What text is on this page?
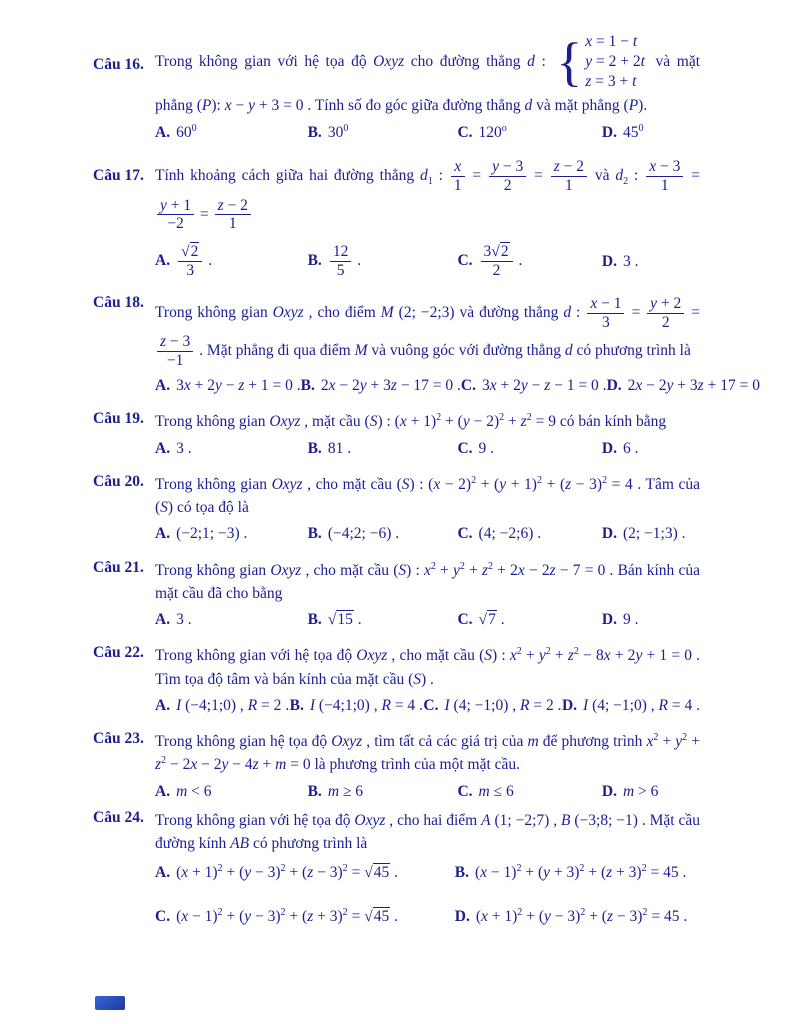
Câu 16. Trong không gian với hệ tọa độ Oxyz cho đường thẳng d : { x = 1 − t
y = 2 + 2t
z = 3 + t
và mặt phẳng (P): x − y + 3 = 0 . Tính số đo góc giữa đường thẳng d và mặt phẳng (P).

A. $60^0$	B. $30^0$	C. 120$^o$	D. $45^0$
Câu 17. Tính khoảng cách giữa hai đường thẳng $d_1$ : $\frac{x}{1} = \frac{y - 3}{2} = \frac{z - 2}{1}$ và $d_2$ : $\frac{x - 3}{1}$ =
$\frac{y + 1}{-2} = \frac{z - 2}{1}$

A. $\frac{√2}{3}$ .	B. $\frac{12}{5}$ .	C. $\frac{3√2}{2}$ .	D. 3 .
Câu 18.

Trong không gian Oxyz , cho điểm M (2; −2;3) và đường thẳng d : $\frac{x - 1}{3} = \frac{y + 2}{2}$ =
$\frac{z - 3}{-1}$ . Mặt phẳng đi qua điểm M và vuông góc với đường thẳng d có phương trình là

A. 3x + 2y − z + 1 = 0 . B. 2x − 2y + 3z − 17 = 0 . C. 3x + 2y − z − 1 = 0 . D. 2x − 2y + 3z + 17 = 0
Câu 19. Trong không gian Oxyz , mặt cầu (S) : $(x + 1)^2 + (y - 2)^2 + z^2 = 9$ có bán kính bằng

A. 3 .	B. 81 .	C. 9 .	D. 6 .
Câu 20. Trong không gian Oxyz , cho mặt cầu (S) : $(x - 2)^2 + (y + 1)^2 + (z - 3)^2 = 4$ . Tâm của (S) có tọa độ là

A. (−2;1; −3) .	B. (−4;2; −6) .	C. (4; −2;6) .	D. (2; −1;3) .
Câu 21. Trong không gian Oxyz , cho mặt cầu (S) : $x^2 + y^2 + z^2 + 2x - 2z - 7 = 0$ . Bán kính của mặt cầu đã cho bằng

A. 3 .	B. √15 .	C. √7 .	D. 9 .
Câu 22. Trong không gian với hệ tọa độ Oxyz , cho mặt cầu (S) : $x^2 + y^2 + z^2 - 8x + 2y + 1 = 0$ . Tìm tọa độ tâm và bán kính của mặt cầu (S) .

A. I (−4;1;0) , R = 2 . B. I (−4;1;0) , R = 4 . C. I (4; −1;0) , R = 2 . D. I (4; −1;0) , R = 4 .
Câu 23. Trong không gian hệ tọa độ Oxyz , tìm tất cả các giá trị của m để phương trình $x^2 + y^2 + z^2 - 2x - 2y - 4z + m = 0$ là phương trình của một mặt cầu.

A. m < 6	B. m ≥ 6	C. m ≤ 6	D. m > 6
Câu 24. Trong không gian với hệ tọa độ Oxyz , cho hai điểm A (1; −2;7) , B (−3;8; −1) . Mặt cầu đường kính AB có phương trình là

A. $(x + 1)^2 + (y - 3)^2 + (z - 3)^2 = √45$ .	B. $(x - 1)^2 + (y + 3)^2 + (z + 3)^2 = 45$ .
C. $(x - 1)^2 + (y - 3)^2 + (z + 3)^2 = √45$ .	D. $(x + 1)^2 + (y - 3)^2 + (z - 3)^2 = 45$ .
